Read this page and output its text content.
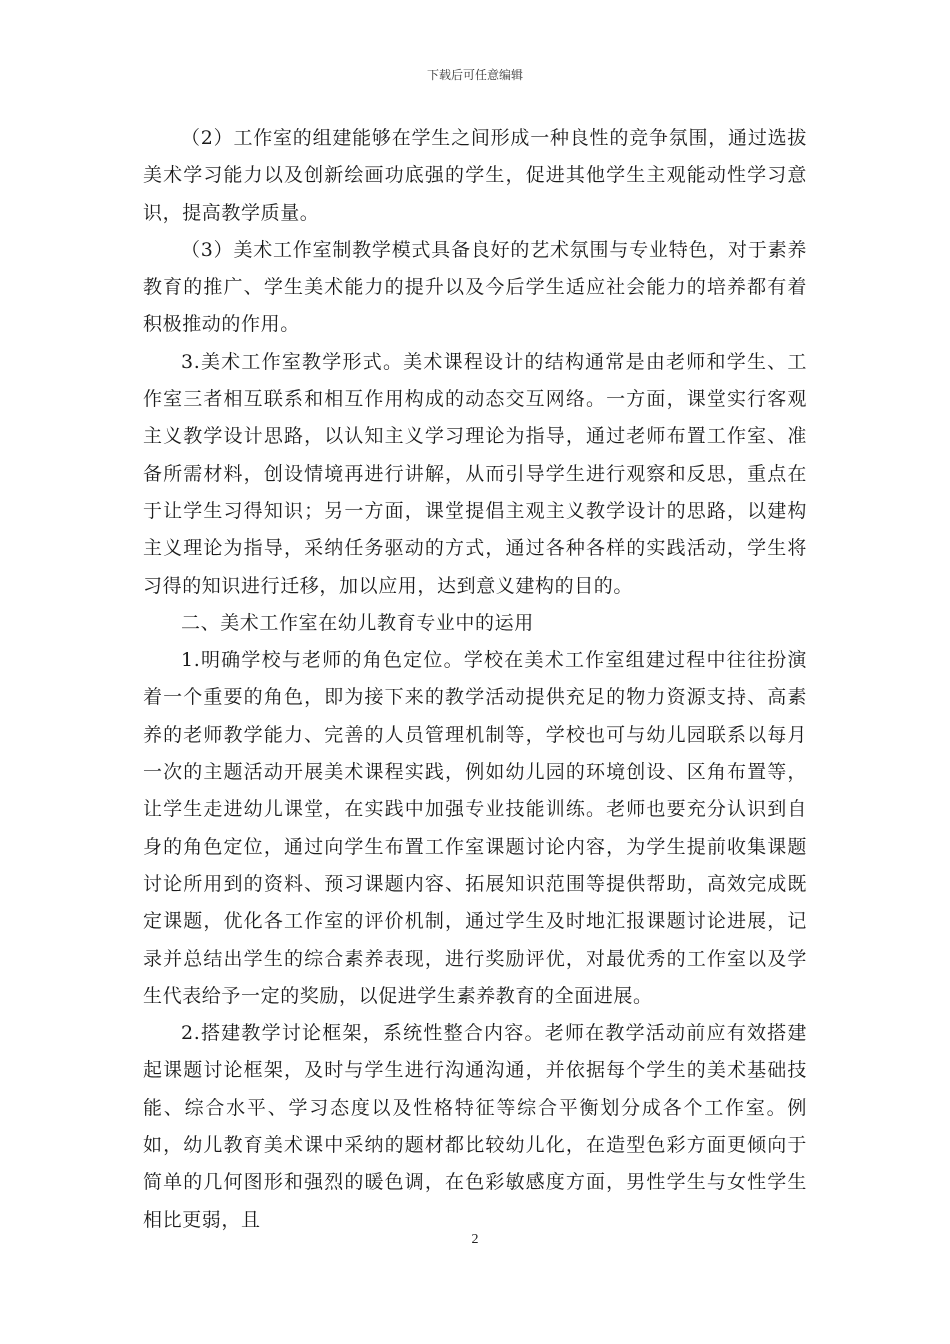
下载后可任意编辑

（2）工作室的组建能够在学生之间形成一种良性的竞争氛围，通过选拔美术学习能力以及创新绘画功底强的学生，促进其他学生主观能动性学习意识，提高教学质量。

（3）美术工作室制教学模式具备良好的艺术氛围与专业特色，对于素养教育的推广、学生美术能力的提升以及今后学生适应社会能力的培养都有着积极推动的作用。

3.美术工作室教学形式。美术课程设计的结构通常是由老师和学生、工作室三者相互联系和相互作用构成的动态交互网络。一方面，课堂实行客观主义教学设计思路，以认知主义学习理论为指导，通过老师布置工作室、准备所需材料，创设情境再进行讲解，从而引导学生进行观察和反思，重点在于让学生习得知识；另一方面，课堂提倡主观主义教学设计的思路，以建构主义理论为指导，采纳任务驱动的方式，通过各种各样的实践活动，学生将习得的知识进行迁移，加以应用，达到意义建构的目的。

二、美术工作室在幼儿教育专业中的运用

1.明确学校与老师的角色定位。学校在美术工作室组建过程中往往扮演着一个重要的角色，即为接下来的教学活动提供充足的物力资源支持、高素养的老师教学能力、完善的人员管理机制等，学校也可与幼儿园联系以每月一次的主题活动开展美术课程实践，例如幼儿园的环境创设、区角布置等，让学生走进幼儿课堂，在实践中加强专业技能训练。老师也要充分认识到自身的角色定位，通过向学生布置工作室课题讨论内容，为学生提前收集课题讨论所用到的资料、预习课题内容、拓展知识范围等提供帮助，高效完成既定课题，优化各工作室的评价机制，通过学生及时地汇报课题讨论进展，记录并总结出学生的综合素养表现，进行奖励评优，对最优秀的工作室以及学生代表给予一定的奖励，以促进学生素养教育的全面进展。

2.搭建教学讨论框架，系统性整合内容。老师在教学活动前应有效搭建起课题讨论框架，及时与学生进行沟通沟通，并依据每个学生的美术基础技能、综合水平、学习态度以及性格特征等综合平衡划分成各个工作室。例如，幼儿教育美术课中采纳的题材都比较幼儿化，在造型色彩方面更倾向于简单的几何图形和强烈的暖色调，在色彩敏感度方面，男性学生与女性学生相比更弱，且

2
